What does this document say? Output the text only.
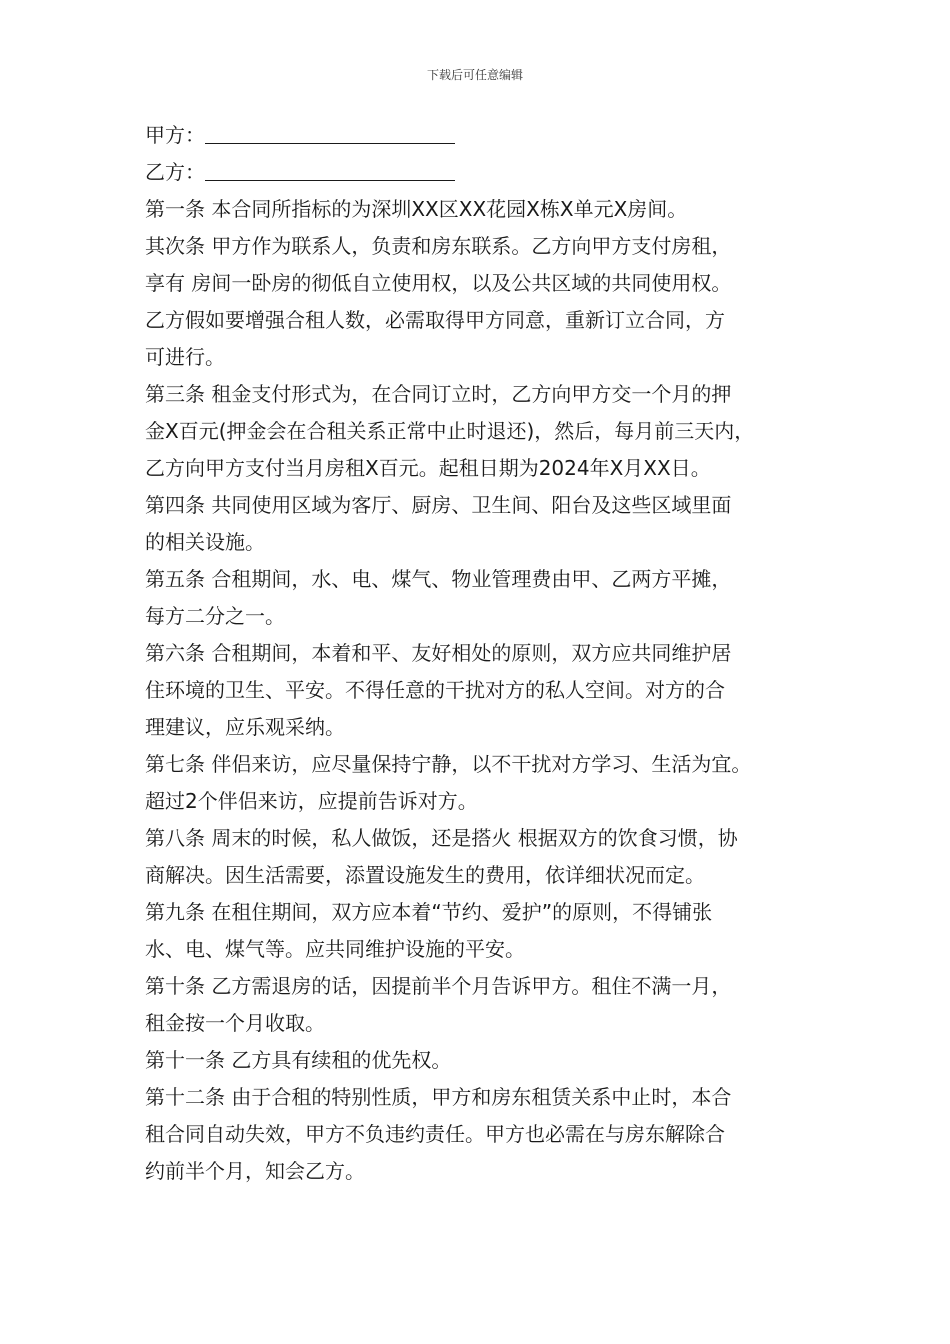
下载后可任意编辑
甲方：
乙方：
第一条 本合同所指标的为深圳XX区XX花园X栋X单元X房间。
其次条 甲方作为联系人，负责和房东联系。乙方向甲方支付房租，
享有 房间一卧房的彻低自立使用权，以及公共区域的共同使用权。
乙方假如要增强合租人数，必需取得甲方同意，重新订立合同，方
可进行。
第三条 租金支付形式为，在合同订立时，乙方向甲方交一个月的押
金X百元(押金会在合租关系正常中止时退还)，然后，每月前三天内，
乙方向甲方支付当月房租X百元。起租日期为2024年X月XX日。
第四条 共同使用区域为客厅、厨房、卫生间、阳台及这些区域里面
的相关设施。
第五条 合租期间，水、电、煤气、物业管理费由甲、乙两方平摊，
每方二分之一。
第六条 合租期间，本着和平、友好相处的原则，双方应共同维护居
住环境的卫生、平安。不得任意的干扰对方的私人空间。对方的合
理建议，应乐观采纳。
第七条 伴侣来访，应尽量保持宁静，以不干扰对方学习、生活为宜。
超过2个伴侣来访，应提前告诉对方。
第八条 周末的时候，私人做饭，还是搭火 根据双方的饮食习惯，协
商解决。因生活需要，添置设施发生的费用，依详细状况而定。
第九条 在租住期间，双方应本着“节约、爱护”的原则，不得铺张
水、电、煤气等。应共同维护设施的平安。
第十条 乙方需退房的话，因提前半个月告诉甲方。租住不满一月，
租金按一个月收取。
第十一条 乙方具有续租的优先权。
第十二条 由于合租的特别性质，甲方和房东租赁关系中止时，本合
租合同自动失效，甲方不负违约责任。甲方也必需在与房东解除合
约前半个月，知会乙方。
